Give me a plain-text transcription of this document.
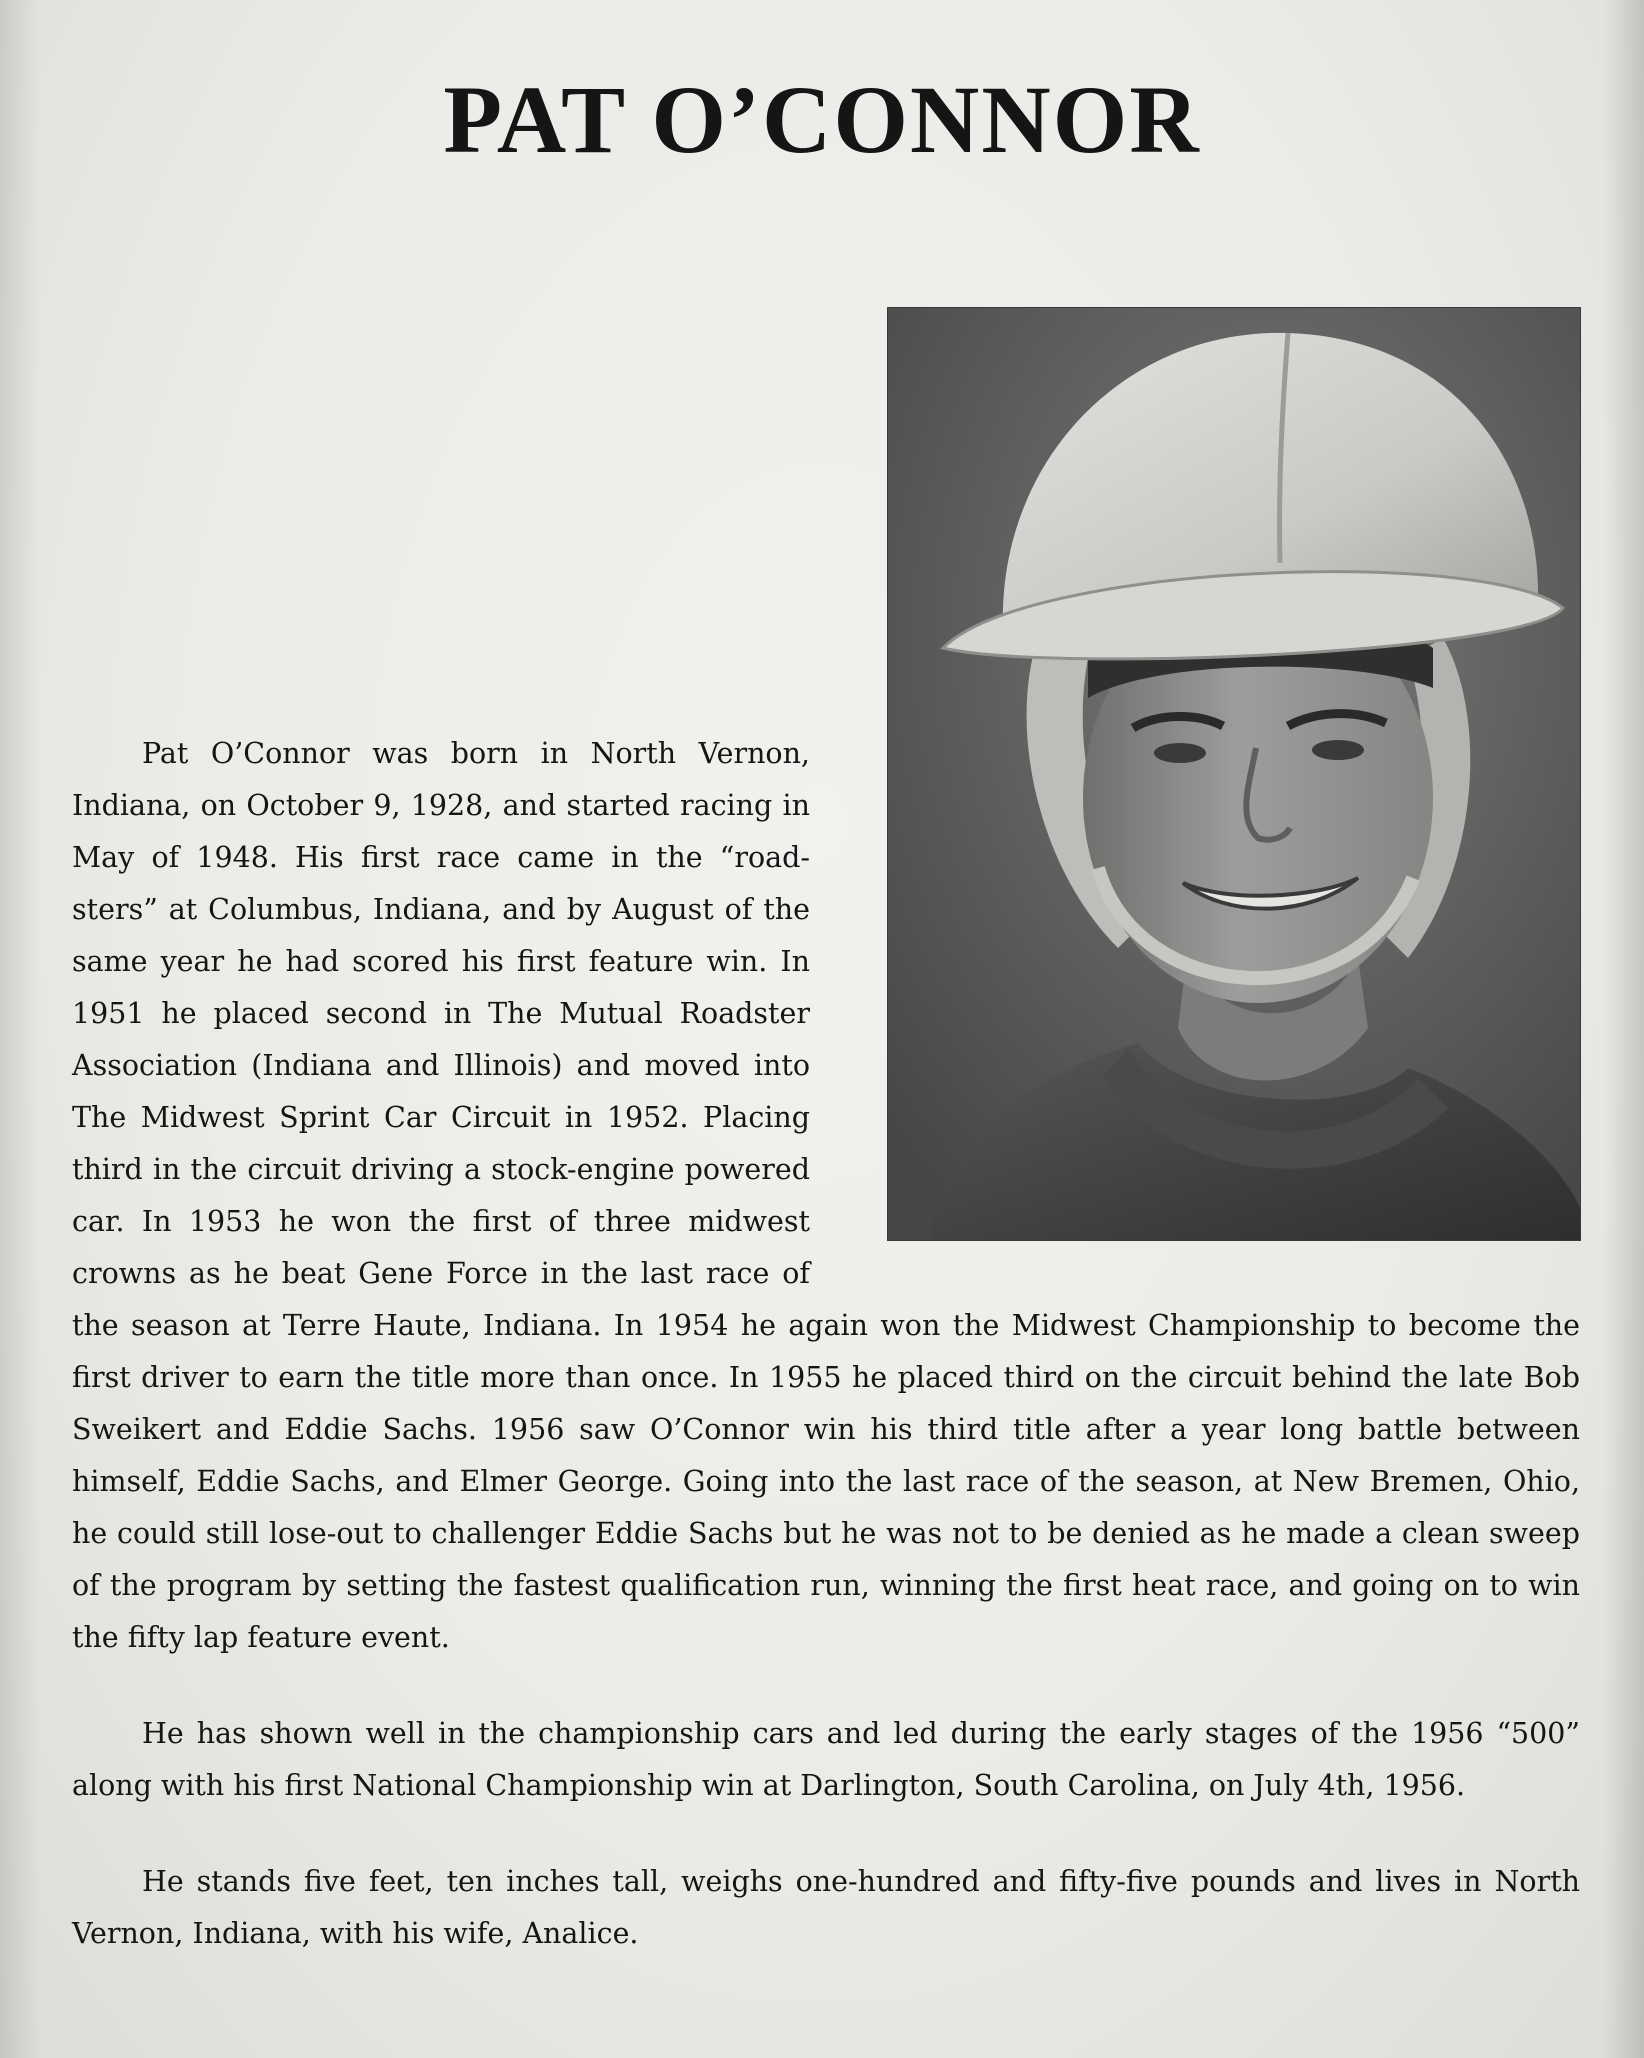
PAT O’CONNOR

Pat O’Connor was born in North Vernon, Indiana, on October 9, 1928, and started racing in May of 1948. His first race came in the “road-sters” at Columbus, Indiana, and by August of the same year he had scored his first feature win. In 1951 he placed second in The Mutual Roadster Association (Indiana and Illinois) and moved into The Midwest Sprint Car Circuit in 1952. Placing third in the circuit driving a stock-engine powered car. In 1953 he won the first of three midwest crowns as he beat Gene Force in the last race of the season at Terre Haute, Indiana. In 1954 he again won the Midwest Championship to become the first driver to earn the title more than once. In 1955 he placed third on the circuit behind the late Bob Sweikert and Eddie Sachs. 1956 saw O’Connor win his third title after a year long battle between himself, Eddie Sachs, and Elmer George. Going into the last race of the season, at New Bremen, Ohio, he could still lose-out to challenger Eddie Sachs but he was not to be denied as he made a clean sweep of the program by setting the fastest qualification run, winning the first heat race, and going on to win the fifty lap feature event.

He has shown well in the championship cars and led during the early stages of the 1956 “500” along with his first National Championship win at Darlington, South Carolina, on July 4th, 1956.

He stands five feet, ten inches tall, weighs one-hundred and fifty-five pounds and lives in North Vernon, Indiana, with his wife, Analice.
